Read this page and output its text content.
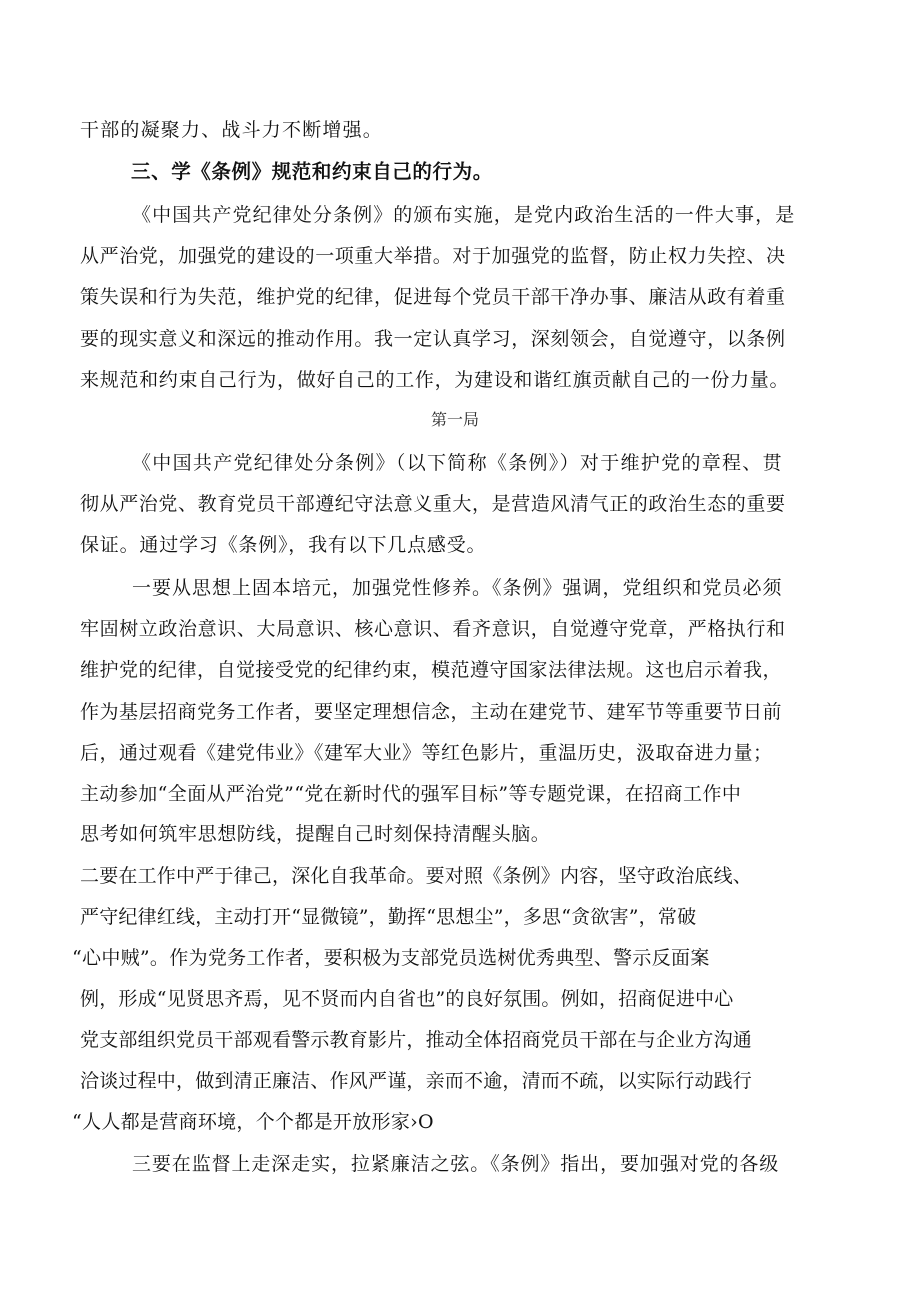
干部的凝聚力、战斗力不断增强。
三、学《条例》规范和约束自己的行为。
《中国共产党纪律处分条例》的颁布实施，是党内政治生活的一件大事，是
从严治党，加强党的建设的一项重大举措。对于加强党的监督，防止权力失控、决
策失误和行为失范，维护党的纪律，促进每个党员干部干净办事、廉洁从政有着重
要的现实意义和深远的推动作用。我一定认真学习，深刻领会，自觉遵守，以条例
来规范和约束自己行为，做好自己的工作，为建设和谐红旗贡献自己的一份力量。
第一局
《中国共产党纪律处分条例》（以下简称《条例》）对于维护党的章程、贯
彻从严治党、教育党员干部遵纪守法意义重大，是营造风清气正的政治生态的重要
保证。通过学习《条例》，我有以下几点感受。
一要从思想上固本培元，加强党性修养。《条例》强调，党组织和党员必须
牢固树立政治意识、大局意识、核心意识、看齐意识，自觉遵守党章，严格执行和
维护党的纪律，自觉接受党的纪律约束，模范遵守国家法律法规。这也启示着我，
作为基层招商党务工作者，要坚定理想信念，主动在建党节、建军节等重要节日前
后，通过观看《建党伟业》《建军大业》等红色影片，重温历史，汲取奋进力量；
主动参加“全面从严治党”“党在新时代的强军目标”等专题党课，在招商工作中
思考如何筑牢思想防线，提醒自己时刻保持清醒头脑。
二要在工作中严于律己，深化自我革命。要对照《条例》内容，坚守政治底线、
严守纪律红线，主动打开“显微镜”，勤挥“思想尘”，多思“贪欲害”，常破
“心中贼”。作为党务工作者，要积极为支部党员选树优秀典型、警示反面案
例，形成“见贤思齐焉，见不贤而内自省也”的良好氛围。例如，招商促进中心
党支部组织党员干部观看警示教育影片，推动全体招商党员干部在与企业方沟通
洽谈过程中，做到清正廉洁、作风严谨，亲而不逾，清而不疏，以实际行动践行
“人人都是营商环境，个个都是开放形家›O
三要在监督上走深走实，拉紧廉洁之弦。《条例》指出，要加强对党的各级
